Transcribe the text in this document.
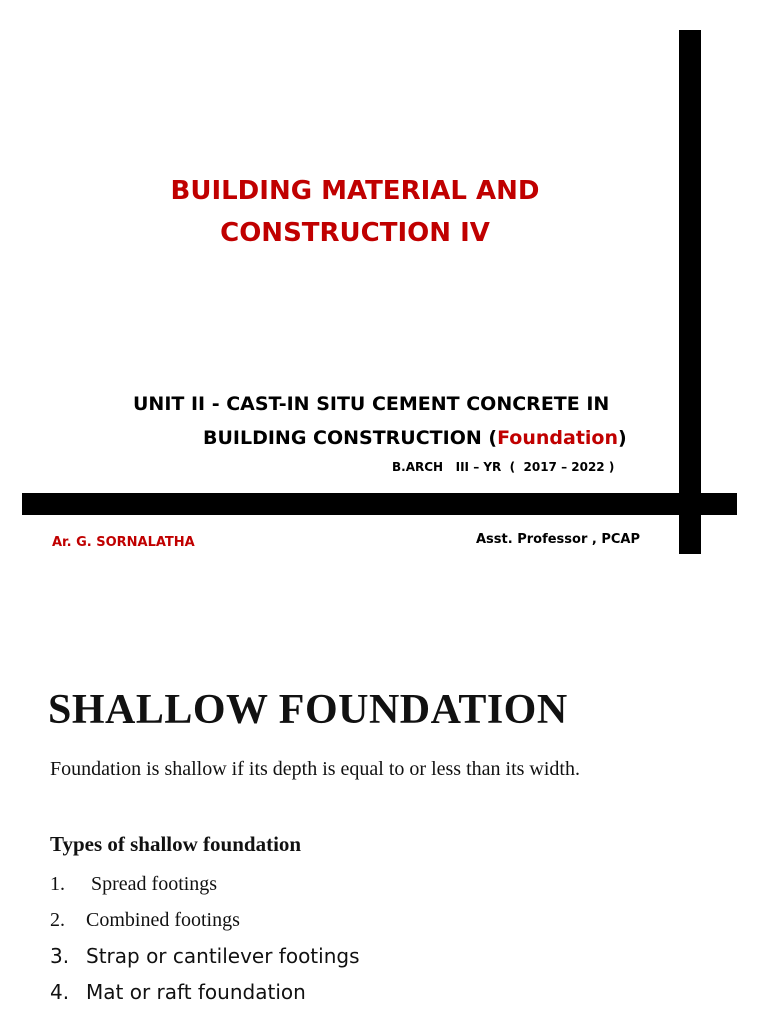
BUILDING MATERIAL AND
CONSTRUCTION IV
UNIT II - CAST-IN SITU CEMENT CONCRETE IN
BUILDING CONSTRUCTION (Foundation)
B.ARCH   III – YR  (  2017 – 2022 )
Ar. G. SORNALATHA	Asst. Professor , PCAP
SHALLOW FOUNDATION
Foundation is shallow if its depth is equal to or less than its width.
Types of shallow foundation
1. Spread footings
2. Combined footings
3. Strap or cantilever footings
4. Mat or raft foundation
